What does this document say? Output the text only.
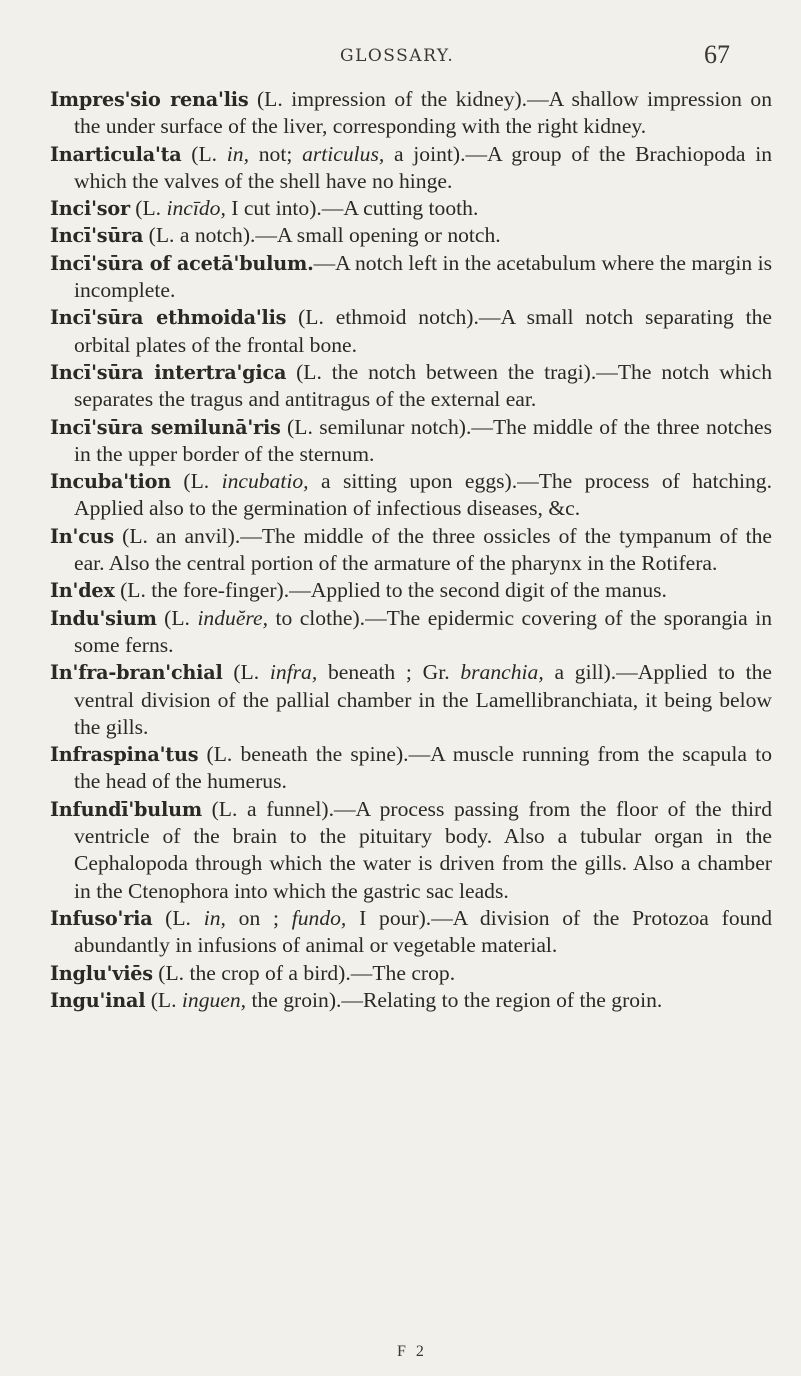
GLOSSARY.	67

Impres'sio rena'lis (L. impression of the kidney).—A shallow impression on the under surface of the liver, corresponding with the right kidney.

Inarticula'ta (L. in, not; articulus, a joint).—A group of the Brachiopoda in which the valves of the shell have no hinge.

Inci'sor (L. incīdo, I cut into).—A cutting tooth.

Incī'sūra (L. a notch).—A small opening or notch.

Incī'sūra of acetā'bulum.—A notch left in the acetabulum where the margin is incomplete.

Incī'sūra ethmoida'lis (L. ethmoid notch).—A small notch separating the orbital plates of the frontal bone.

Incī'sūra intertra'gica (L. the notch between the tragi).—The notch which separates the tragus and antitragus of the external ear.

Incī'sūra semilunā'ris (L. semilunar notch).—The middle of the three notches in the upper border of the sternum.

Incuba'tion (L. incubatio, a sitting upon eggs).—The process of hatching. Applied also to the germination of infectious diseases, &c.

In'cus (L. an anvil).—The middle of the three ossicles of the tympanum of the ear. Also the central portion of the armature of the pharynx in the Rotifera.

In'dex (L. the fore-finger).—Applied to the second digit of the manus.

Indu'sium (L. induĕre, to clothe).—The epidermic covering of the sporangia in some ferns.

In'fra-bran'chial (L. infra, beneath ; Gr. branchia, a gill).—Applied to the ventral division of the pallial chamber in the Lamellibranchiata, it being below the gills.

Infraspina'tus (L. beneath the spine).—A muscle running from the scapula to the head of the humerus.

Infundī'bulum (L. a funnel).—A process passing from the floor of the third ventricle of the brain to the pituitary body. Also a tubular organ in the Cephalopoda through which the water is driven from the gills. Also a chamber in the Ctenophora into which the gastric sac leads.

Infuso'ria (L. in, on ; fundo, I pour).—A division of the Protozoa found abundantly in infusions of animal or vegetable material.

Inglu'viēs (L. the crop of a bird).—The crop.

Ingu'inal (L. inguen, the groin).—Relating to the region of the groin.

F 2
